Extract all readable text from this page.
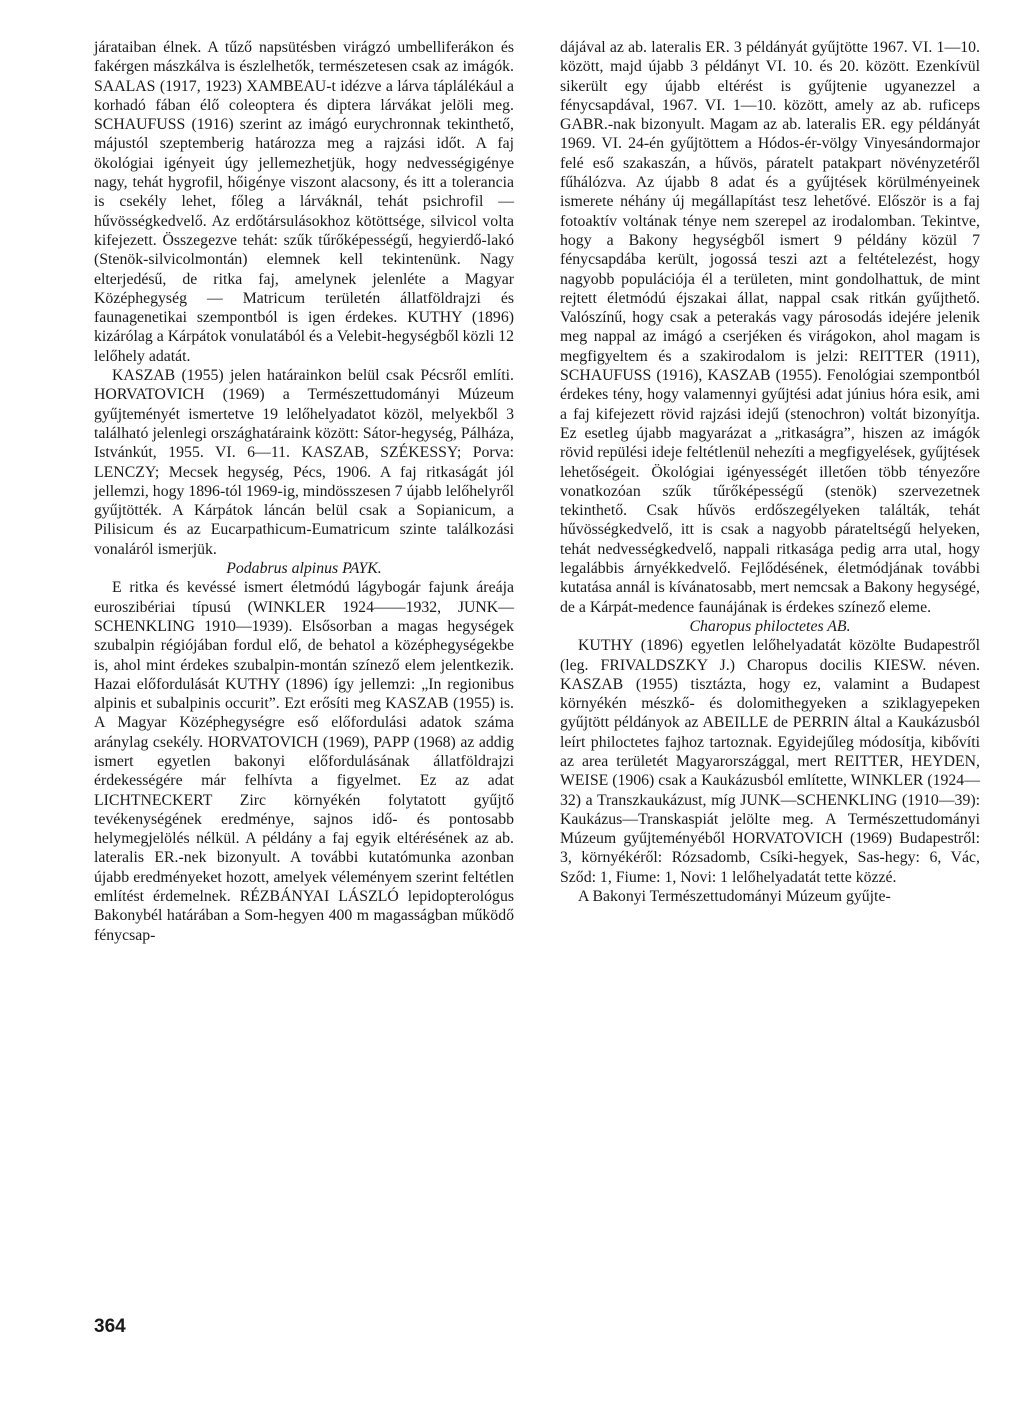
járataiban élnek. A tűző napsütésben virágzó umbelliferákon és fakérgen mászkálva is észlelhetők, természetesen csak az imágók. SAALAS (1917, 1923) XAMBEAU-t idézve a lárva táplálékául a korhadó fában élő coleoptera és diptera lárvákat jelöli meg. SCHAUFUSS (1916) szerint az imágó eurychronnak tekinthető, májustól szeptemberig határozza meg a rajzási időt. A faj ökológiai igényeit úgy jellemezhetjük, hogy nedvességigénye nagy, tehát hygrofil, hőigénye viszont alacsony, és itt a tolerancia is csekély lehet, főleg a lárváknál, tehát psichrofil — hűvösségkedvelő. Az erdőtársulásokhoz kötöttsége, silvicol volta kifejezett. Összegezve tehát: szűk tűrőképességű, hegyierdő-lakó (Stenök-silvicolmontán) elemnek kell tekintenünk. Nagy elterjedésű, de ritka faj, amelynek jelenléte a Magyar Középhegység — Matricum területén állatföldrajzi és faunagenetikai szempontból is igen érdekes. KUTHY (1896) kizárólag a Kárpátok vonulatából és a Velebit-hegységből közli 12 lelőhely adatát.

KASZAB (1955) jelen határainkon belül csak Pécsről említi. HORVATOVICH (1969) a Természettudományi Múzeum gyűjteményét ismertetve 19 lelőhelyadatot közöl, melyekből 3 található jelenlegi országhatáraink között: Sátor-hegység, Pálháza, Istvánkút, 1955. VI. 6—11. KASZAB, SZÉKESSY; Porva: LENCZY; Mecsek hegység, Pécs, 1906. A faj ritkaságát jól jellemzi, hogy 1896-tól 1969-ig, mindösszesen 7 újabb lelőhelyről gyűjtötték. A Kárpátok láncán belül csak a Sopianicum, a Pilisicum és az Eucarpathicum-Eumatricum szinte találkozási vonaláról ismerjük.

Podabrus alpinus PAYK.

E ritka és kevéssé ismert életmódú lágybogár fajunk áreája euroszibériai típusú (WINKLER 1924——1932, JUNK—SCHENKLING 1910—1939). Elsősorban a magas hegységek szubalpin régiójában fordul elő, de behatol a középhegységekbe is, ahol mint érdekes szubalpin-montán színező elem jelentkezik. Hazai előfordulását KUTHY (1896) így jellemzi: „In regionibus alpinis et subalpinis occurit”. Ezt erősíti meg KASZAB (1955) is. A Magyar Középhegységre eső előfordulási adatok száma aránylag csekély. HORVATOVICH (1969), PAPP (1968) az addig ismert egyetlen bakonyi előfordulásának állatföldrajzi érdekességére már felhívta a figyelmet. Ez az adat LICHTNECKERT Zirc környékén folytatott gyűjtő tevékenységének eredménye, sajnos idő- és pontosabb helymegjelölés nélkül. A példány a faj egyik eltérésének az ab. lateralis ER.-nek bizonyult. A további kutatómunka azonban újabb eredményeket hozott, amelyek véleményem szerint feltétlen említést érdemelnek. RÉZBÁNYAI LÁSZLÓ lepidopterológus Bakonybél határában a Som-hegyen 400 m magasságban működő fénycsap-

dájával az ab. lateralis ER. 3 példányát gyűjtötte 1967. VI. 1—10. között, majd újabb 3 példányt VI. 10. és 20. között. Ezenkívül sikerült egy újabb eltérést is gyűjtenie ugyanezzel a fénycsapdával, 1967. VI. 1—10. között, amely az ab. ruficeps GABR.-nak bizonyult. Magam az ab. lateralis ER. egy példányát 1969. VI. 24-én gyűjtöttem a Hódos-ér-völgy Vinyesándormajor felé eső szakaszán, a hűvös, páratelt patakpart növényzetéről fűhálózva. Az újabb 8 adat és a gyűjtések körülményeinek ismerete néhány új megállapítást tesz lehetővé. Először is a faj fotoaktív voltának ténye nem szerepel az irodalomban. Tekintve, hogy a Bakony hegységből ismert 9 példány közül 7 fénycsapdába került, jogossá teszi azt a feltételezést, hogy nagyobb populációja él a területen, mint gondolhattuk, de mint rejtett életmódú éjszakai állat, nappal csak ritkán gyűjthető. Valószínű, hogy csak a peterakás vagy párosodás idejére jelenik meg nappal az imágó a cserjéken és virágokon, ahol magam is megfigyeltem és a szakirodalom is jelzi: REITTER (1911), SCHAUFUSS (1916), KASZAB (1955). Fenológiai szempontból érdekes tény, hogy valamennyi gyűjtési adat június hóra esik, ami a faj kifejezett rövid rajzási idejű (stenochron) voltát bizonyítja. Ez esetleg újabb magyarázat a „ritkaságra”, hiszen az imágók rövid repülési ideje feltétlenül nehezíti a megfigyelések, gyűjtések lehetőségeit. Ökológiai igényességét illetően több tényezőre vonatkozóan szűk tűrőképességű (stenök) szervezetnek tekinthető. Csak hűvös erdőszegélyeken találták, tehát hűvösségkedvelő, itt is csak a nagyobb párateltségű helyeken, tehát nedvességkedvelő, nappali ritkasága pedig arra utal, hogy legalábbis árnyékkedvelő. Fejlődésének, életmódjának további kutatása annál is kívánatosabb, mert nemcsak a Bakony hegységé, de a Kárpát-medence faunájának is érdekes színező eleme.

Charopus philoctetes AB.

KUTHY (1896) egyetlen lelőhelyadatát közölte Budapestről (leg. FRIVALDSZKY J.) Charopus docilis KIESW. néven. KASZAB (1955) tisztázta, hogy ez, valamint a Budapest környékén mészkő- és dolomithegyeken a sziklagyepeken gyűjtött példányok az ABEILLE de PERRIN által a Kaukázusból leírt philoctetes fajhoz tartoznak. Egyidejűleg módosítja, kibővíti az area területét Magyarországgal, mert REITTER, HEYDEN, WEISE (1906) csak a Kaukázusból említette, WINKLER (1924—32) a Transzkaukázust, míg JUNK—SCHENKLING (1910—39): Kaukázus—Transkaspiát jelölte meg. A Természettudományi Múzeum gyűjteményéből HORVATOVICH (1969) Budapestről: 3, környékéről: Rózsadomb, Csíki-hegyek, Sas-hegy: 6, Vác, Sződ: 1, Fiume: 1, Novi: 1 lelőhelyadatát tette közzé.

A Bakonyi Természettudományi Múzeum gyűjte-

364
